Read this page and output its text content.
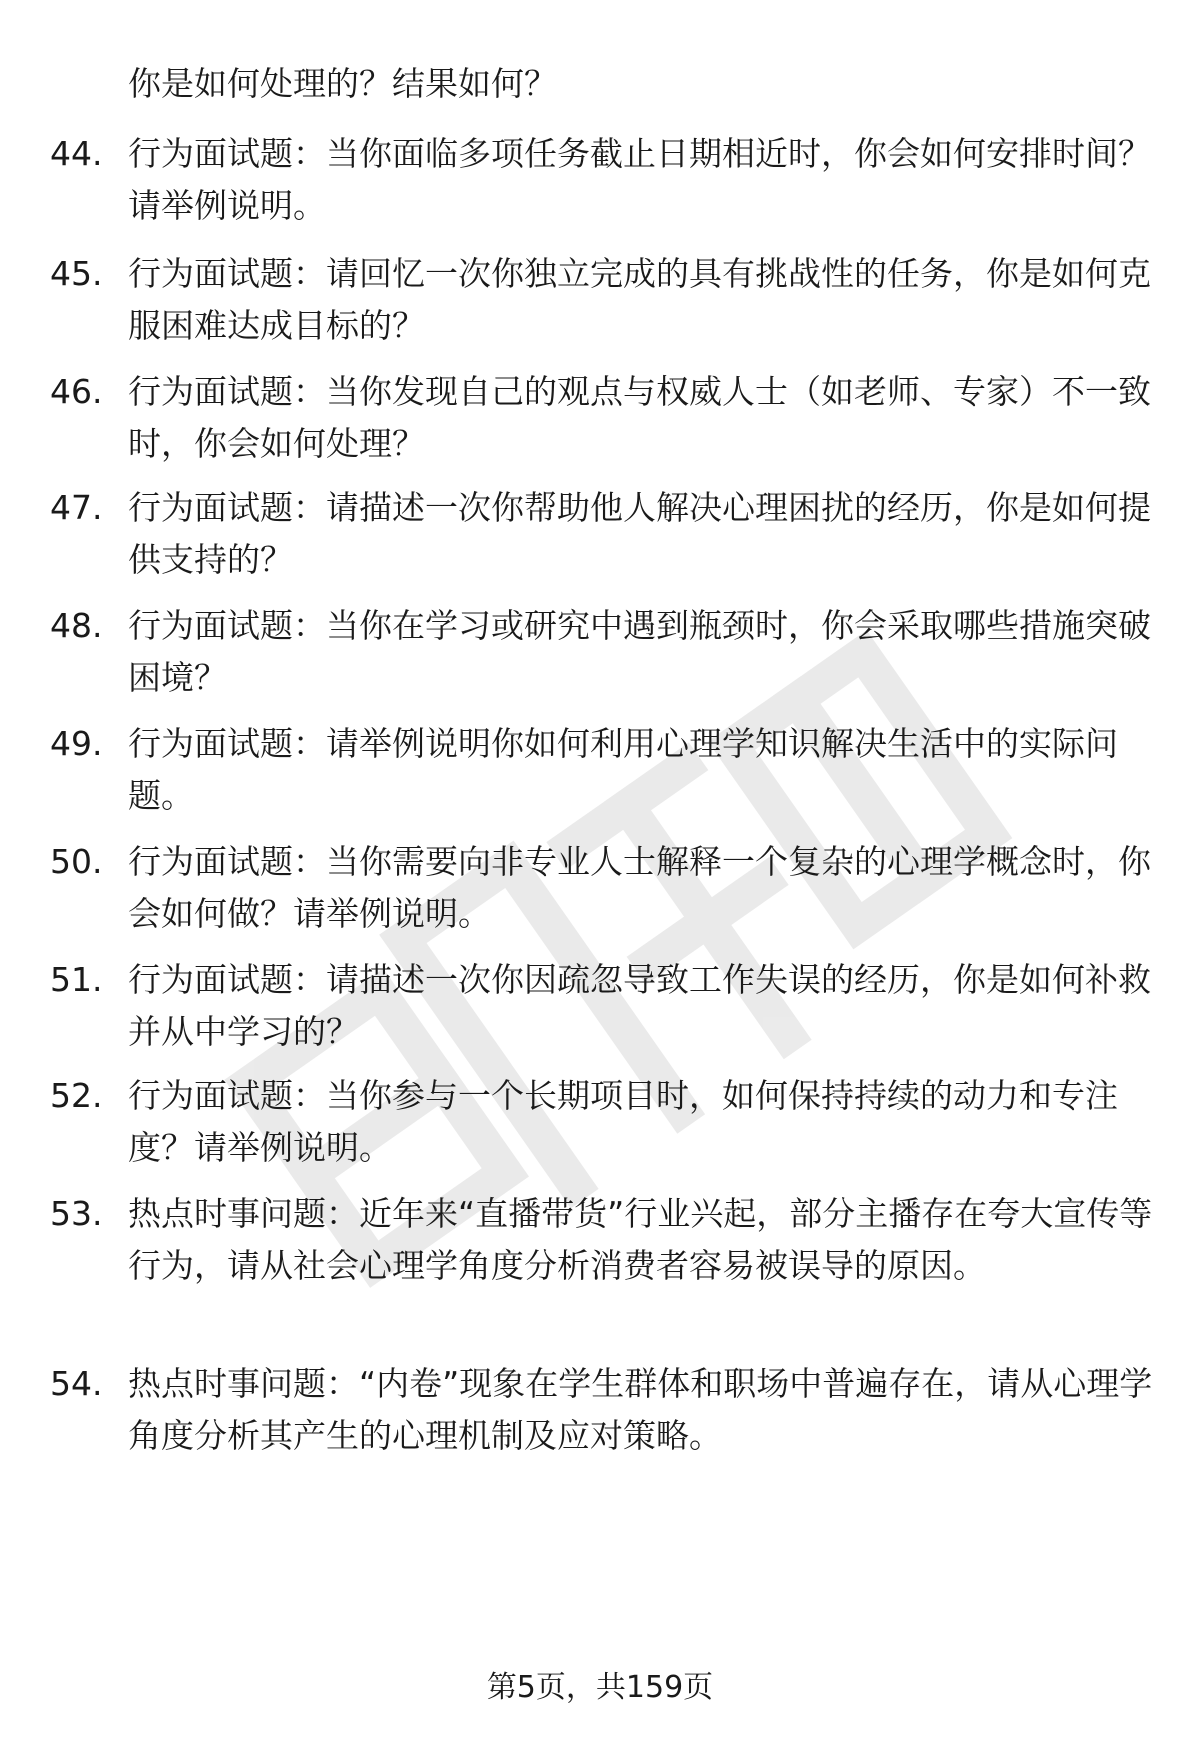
你是如何处理的？结果如何？
44. 行为面试题：当你面临多项任务截止日期相近时，你会如何安排时间？请举例说明。
45. 行为面试题：请回忆一次你独立完成的具有挑战性的任务，你是如何克服困难达成目标的？
46. 行为面试题：当你发现自己的观点与权威人士（如老师、专家）不一致时，你会如何处理？
47. 行为面试题：请描述一次你帮助他人解决心理困扰的经历，你是如何提供支持的？
48. 行为面试题：当你在学习或研究中遇到瓶颈时，你会采取哪些措施突破困境？
49. 行为面试题：请举例说明你如何利用心理学知识解决生活中的实际问题。
50. 行为面试题：当你需要向非专业人士解释一个复杂的心理学概念时，你会如何做？请举例说明。
51. 行为面试题：请描述一次你因疏忽导致工作失误的经历，你是如何补救并从中学习的？
52. 行为面试题：当你参与一个长期项目时，如何保持持续的动力和专注度？请举例说明。
53. 热点时事问题：近年来“直播带货”行业兴起，部分主播存在夸大宣传等行为，请从社会心理学角度分析消费者容易被误导的原因。
54. 热点时事问题：“内卷”现象在学生群体和职场中普遍存在，请从心理学角度分析其产生的心理机制及应对策略。
第5页，共159页
